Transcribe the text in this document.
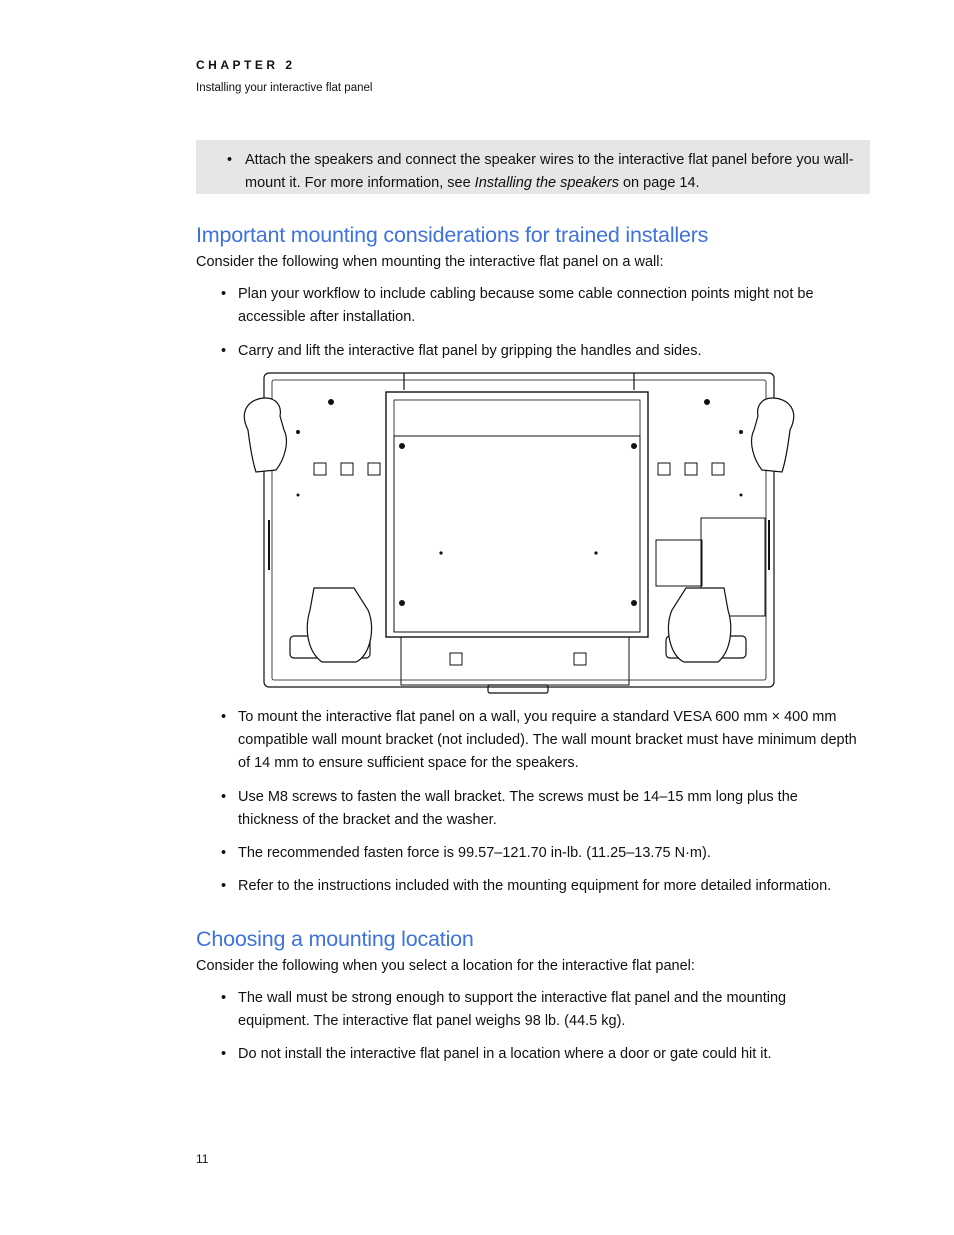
CHAPTER 2
Installing your interactive flat panel
• Attach the speakers and connect the speaker wires to the interactive flat panel before you wall-mount it. For more information, see Installing the speakers on page 14.
Important mounting considerations for trained installers
Consider the following when mounting the interactive flat panel on a wall:
• Plan your workflow to include cabling because some cable connection points might not be accessible after installation.
• Carry and lift the interactive flat panel by gripping the handles and sides.
• To mount the interactive flat panel on a wall, you require a standard VESA 600 mm × 400 mm compatible wall mount bracket (not included). The wall mount bracket must have minimum depth of 14 mm to ensure sufficient space for the speakers.
• Use M8 screws to fasten the wall bracket. The screws must be 14–15 mm long plus the thickness of the bracket and the washer.
• The recommended fasten force is 99.57–121.70 in-lb. (11.25–13.75 N·m).
• Refer to the instructions included with the mounting equipment for more detailed information.
Choosing a mounting location
Consider the following when you select a location for the interactive flat panel:
• The wall must be strong enough to support the interactive flat panel and the mounting equipment. The interactive flat panel weighs 98 lb. (44.5 kg).
• Do not install the interactive flat panel in a location where a door or gate could hit it.
11
